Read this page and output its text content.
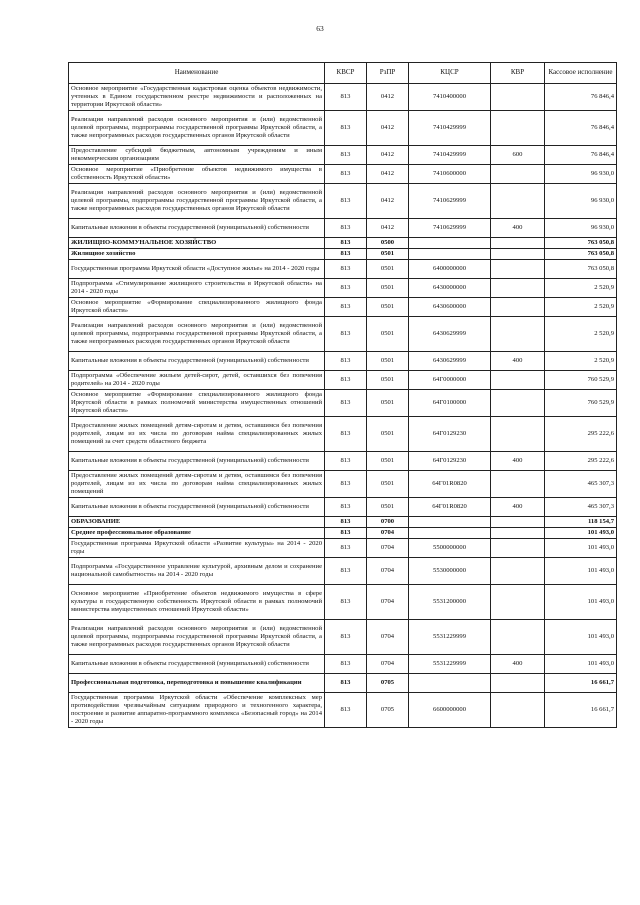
63
Наименование	КВСР	РзПР	КЦСР	КВР	Кассовое исполнение
Основное мероприятие «Государственная кадастровая оценка объектов недвижимости, учтенных в Едином государственном реестре недвижимости и расположенных на территории Иркутской области»	813	0412	7410400000		76 846,4
Реализация направлений расходов основного мероприятия и (или) ведомственной целевой программы, подпрограммы государственной программы Иркутской области, а также непрограммных расходов государственных органов Иркутской области	813	0412	7410429999		76 846,4
Предоставление субсидий бюджетным, автономным учреждениям и иным некоммерческим организациям	813	0412	7410429999	600	76 846,4
Основное мероприятие «Приобретение объектов недвижимого имущества в собственность Иркутской области»	813	0412	7410600000		96 930,0
Реализация направлений расходов основного мероприятия и (или) ведомственной целевой программы, подпрограммы государственной программы Иркутской области, а также непрограммных расходов государственных органов Иркутской области	813	0412	7410629999		96 930,0
Капитальные вложения в объекты государственной (муниципальной) собственности	813	0412	7410629999	400	96 930,0
ЖИЛИЩНО-КОММУНАЛЬНОЕ ХОЗЯЙСТВО	813	0500			763 050,8
Жилищное хозяйство	813	0501			763 050,8
Государственная программа Иркутской области «Доступное жилье» на 2014 - 2020 годы	813	0501	6400000000		763 050,8
Подпрограмма «Стимулирование жилищного строительства в Иркутской области» на 2014 - 2020 годы	813	0501	6430000000		2 520,9
Основное мероприятие «Формирование специализированного жилищного фонда Иркутской области»	813	0501	6430600000		2 520,9
Реализация направлений расходов основного мероприятия и (или) ведомственной целевой программы, подпрограммы государственной программы Иркутской области, а также непрограммных расходов государственных органов Иркутской области	813	0501	6430629999		2 520,9
Капитальные вложения в объекты государственной (муниципальной) собственности	813	0501	6430629999	400	2 520,9
Подпрограмма «Обеспечение жильем детей-сирот, детей, оставшихся без попечения родителей» на 2014 - 2020 годы	813	0501	64Г0000000		760 529,9
Основное мероприятие «Формирование специализированного жилищного фонда Иркутской области в рамках полномочий министерства имущественных отношений Иркутской области»	813	0501	64Г0100000		760 529,9
Предоставление жилых помещений детям-сиротам и детям, оставшимся без попечения родителей, лицам из их числа по договорам найма специализированных жилых помещений за счет средств областного бюджета	813	0501	64Г0129230		295 222,6
Капитальные вложения в объекты государственной (муниципальной) собственности	813	0501	64Г0129230	400	295 222,6
Предоставление жилых помещений детям-сиротам и детям, оставшимся без попечения родителей, лицам из их числа по договорам найма специализированных жилых помещений	813	0501	64Г01R0820		465 307,3
Капитальные вложения в объекты государственной (муниципальной) собственности	813	0501	64Г01R0820	400	465 307,3
ОБРАЗОВАНИЕ	813	0700			118 154,7
Среднее профессиональное образование	813	0704			101 493,0
Государственная программа Иркутской области «Развитие культуры» на 2014 - 2020 годы	813	0704	5500000000		101 493,0
Подпрограмма «Государственное управление культурой, архивным делом и сохранение национальной самобытности» на 2014 - 2020 годы	813	0704	5530000000		101 493,0
Основное мероприятие «Приобретение объектов недвижимого имущества в сфере культуры в государственную собственность Иркутской области в рамках полномочий министерства имущественных отношений Иркутской области»	813	0704	5531200000		101 493,0
Реализация направлений расходов основного мероприятия и (или) ведомственной целевой программы, подпрограммы государственной программы Иркутской области, а также непрограммных расходов государственных органов Иркутской области	813	0704	5531229999		101 493,0
Капитальные вложения в объекты государственной (муниципальной) собственности	813	0704	5531229999	400	101 493,0
Профессиональная подготовка, переподготовка и повышение квалификации	813	0705			16 661,7
Государственная программа Иркутской области «Обеспечение комплексных мер противодействия чрезвычайным ситуациям природного и техногенного характера, построение и развитие аппаратно-программного комплекса «Безопасный город» на 2014 - 2020 годы	813	0705	6600000000		16 661,7
